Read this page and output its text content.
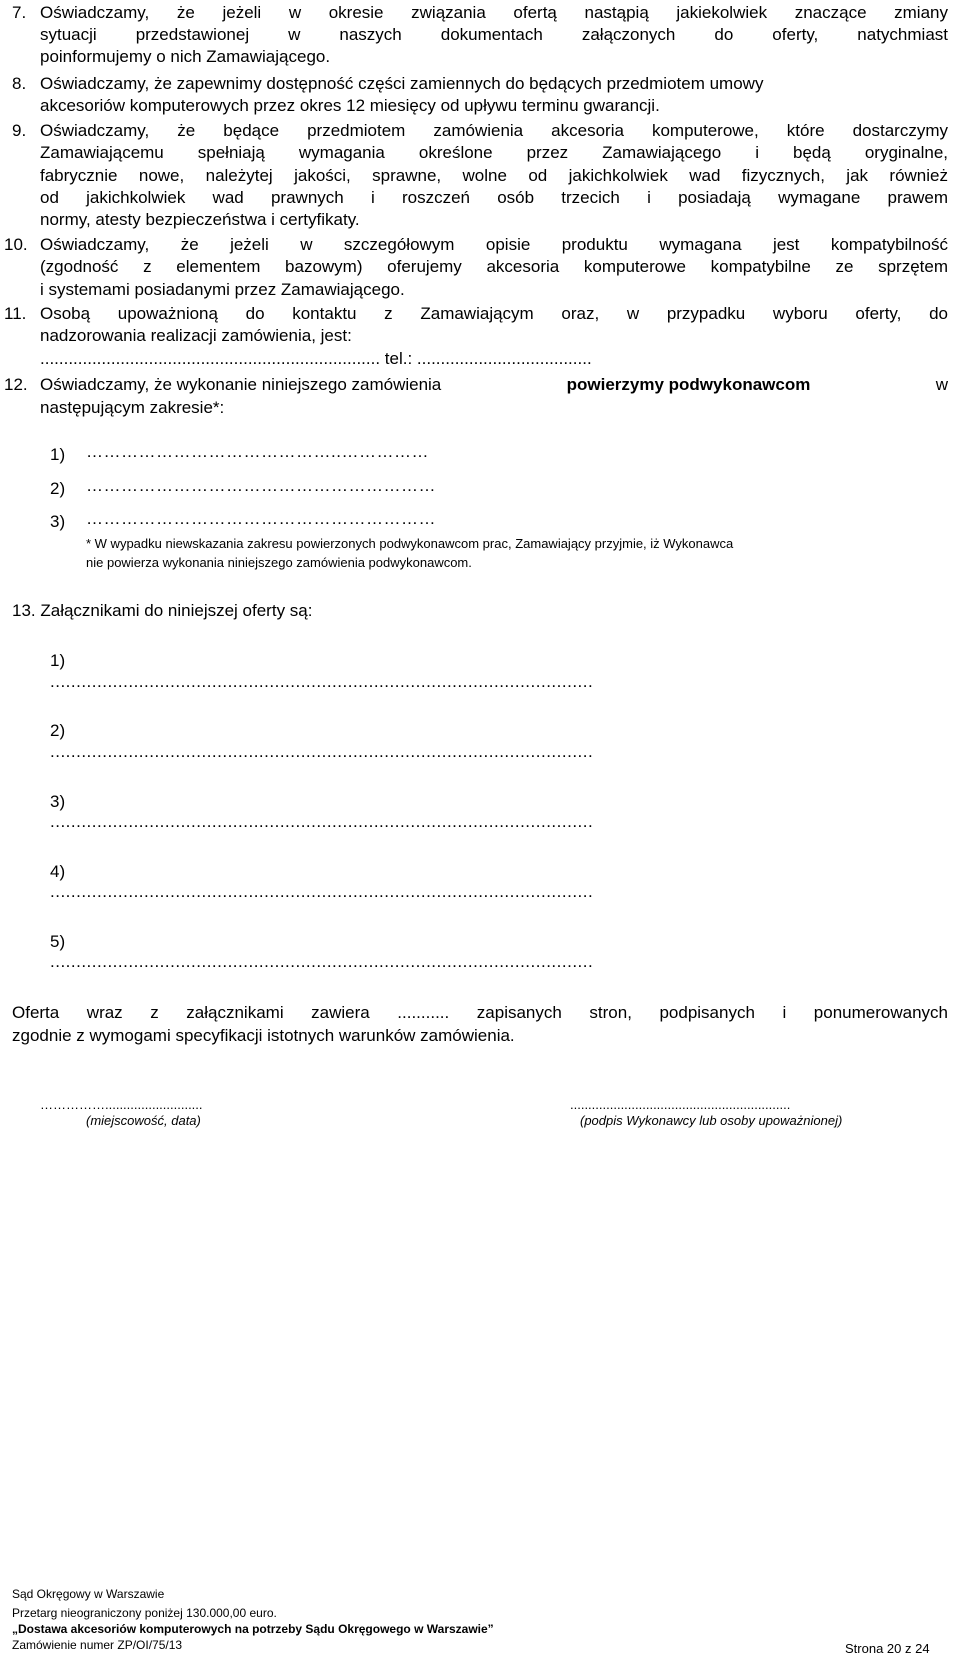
7. Oświadczamy, że jeżeli w okresie związania ofertą nastąpią jakiekolwiek znaczące zmiany
sytuacji przedstawionej w naszych dokumentach załączonych do oferty, natychmiast
poinformujemy o nich Zamawiającego.
8. Oświadczamy, że zapewnimy dostępność części zamiennych do będących przedmiotem umowy
akcesoriów komputerowych przez okres 12 miesięcy od upływu terminu gwarancji.
9. Oświadczamy, że będące przedmiotem zamówienia akcesoria komputerowe, które dostarczymy
Zamawiającemu spełniają wymagania określone przez Zamawiającego i będą oryginalne,
fabrycznie nowe, należytej jakości, sprawne, wolne od jakichkolwiek wad fizycznych, jak również
od jakichkolwiek wad prawnych i roszczeń osób trzecich i posiadają wymagane prawem
normy, atesty bezpieczeństwa i certyfikaty.
10. Oświadczamy, że jeżeli w szczegółowym opisie produktu wymagana jest kompatybilność
(zgodność z elementem bazowym) oferujemy akcesoria komputerowe kompatybilne ze sprzętem
i systemami posiadanymi przez Zamawiającego.
11. Osobą upoważnioną do kontaktu z Zamawiającym oraz, w przypadku wyboru oferty, do
nadzorowania realizacji zamówienia, jest:
........................................................................ tel.: .....................................
12. Oświadczamy, że wykonanie niniejszego zamówienia	powierzymy podwykonawcom	w
następującym zakresie*:
1) ……………………………………..……………
2) ……………………………………………………
3) ……………………………………………………
* W wypadku niewskazania zakresu powierzonych podwykonawcom prac, Zamawiający przyjmie, iż Wykonawca
nie powierza wykonania niniejszego zamówienia podwykonawcom.
13. Załącznikami do niniejszej oferty są:
1)
........................................................................................................
2)
........................................................................................................
3)
........................................................................................................
4)
........................................................................................................
5)
........................................................................................................
Oferta wraz z załącznikami zawiera ........... zapisanych stron, podpisanych i ponumerowanych
zgodnie z wymogami specyfikacji istotnych warunków zamówienia.
……………...........................
(miejscowość, data)
.............................................................
(podpis Wykonawcy lub osoby upoważnionej)
Sąd Okręgowy w Warszawie
Przetarg nieograniczony poniżej 130.000,00 euro.
„Dostawa akcesoriów komputerowych na potrzeby Sądu Okręgowego w Warszawie”
Zamówienie numer ZP/OI/75/13	Strona 20 z 24
